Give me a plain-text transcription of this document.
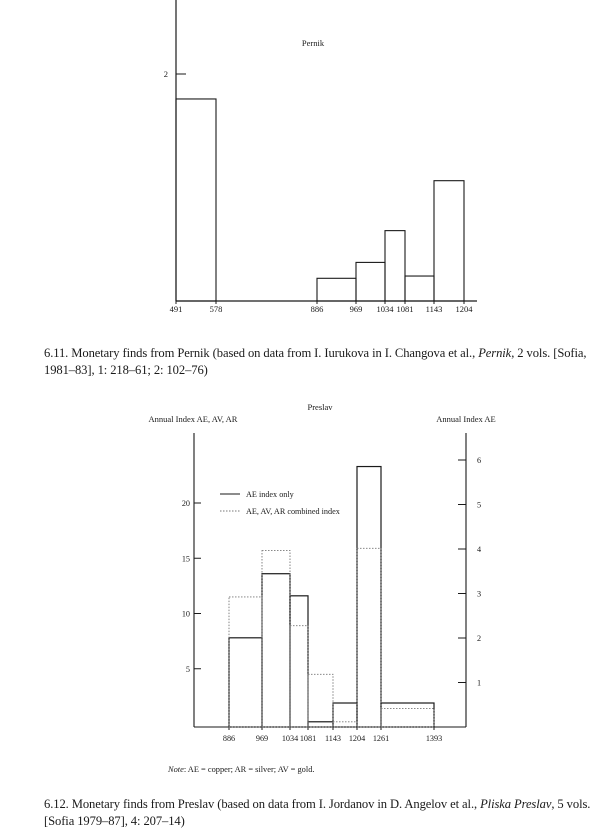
Pernik
2
491	578	886	969 1034 1081 1143 1204
6.11. Monetary finds from Pernik (based on data from I. Iurukova in I. Changova et al., Pernik, 2 vols. [Sofia, 1981–83], 1: 218–61; 2: 102–76)
Preslav
Annual Index AE, AV, AR	Annual Index AE
5
10
15
20
1
2
3
4
5
6
886	969 1034 1081 1143 1204 1261	1393
AE index only
AE, AV, AR combined index
Note: AE = copper; AR = silver; AV = gold.
6.12. Monetary finds from Preslav (based on data from I. Jordanov in D. Angelov et al., Pliska Preslav, 5 vols. [Sofia 1979–87], 4: 207–14)
